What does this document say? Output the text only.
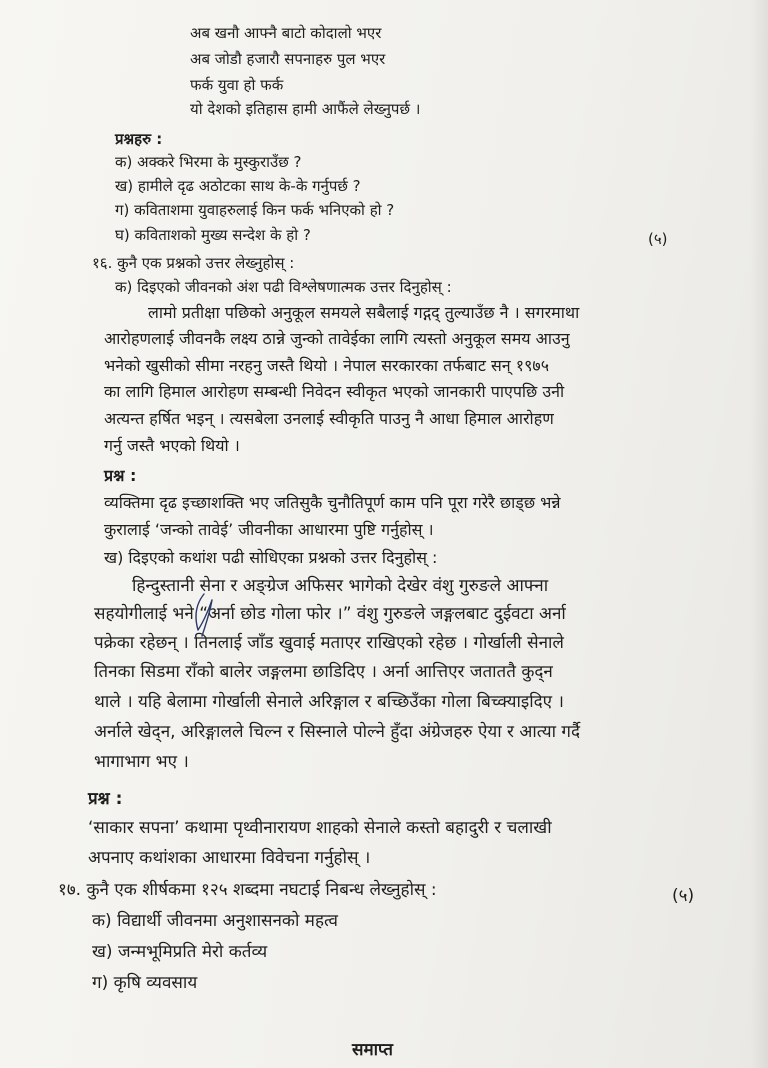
अब खनौ आफ्नै बाटो कोदालो भएर
अब जोडौ हजारौ सपनाहरु पुल भएर
फर्क युवा हो फर्क
यो देशको इतिहास हामी आफैंले लेख्नुपर्छ ।
प्रश्नहरु :
क) अक्करे भिरमा के मुस्कुराउँछ ?
ख) हामीले दृढ अठोटका साथ के-के गर्नुपर्छ ?
ग) कविताशमा युवाहरुलाई किन फर्क भनिएको हो ?
घ) कविताशको मुख्य सन्देश के हो ?	(५)
१६. कुनै एक प्रश्नको उत्तर लेख्नुहोस् :
क) दिइएको जीवनको अंश पढी विश्लेषणात्मक उत्तर दिनुहोस् :
लामो प्रतीक्षा पछिको अनुकूल समयले सबैलाई गद्गद् तुल्याउँछ नै । सगरमाथा
आरोहणलाई जीवनकै लक्ष्य ठान्ने जुन्को तावेईका लागि त्यस्तो अनुकूल समय आउनु
भनेको खुसीको सीमा नरहनु जस्तै थियो । नेपाल सरकारका तर्फबाट सन् १९७५
का लागि हिमाल आरोहण सम्बन्धी निवेदन स्वीकृत भएको जानकारी पाएपछि उनी
अत्यन्त हर्षित भइन् । त्यसबेला उनलाई स्वीकृति पाउनु नै आधा हिमाल आरोहण
गर्नु जस्तै भएको थियो ।
प्रश्न :
व्यक्तिमा दृढ इच्छाशक्ति भए जतिसुकै चुनौतिपूर्ण काम पनि पूरा गरेरै छाड्छ भन्ने
कुरालाई ‘जन्को तावेई’ जीवनीका आधारमा पुष्टि गर्नुहोस् ।
ख) दिइएको कथांश पढी सोधिएका प्रश्नको उत्तर दिनुहोस् :
हिन्दुस्तानी सेना र अङ्ग्रेज अफिसर भागेको देखेर वंशु गुरुङले आफ्ना
सहयोगीलाई भने “अर्ना छोड गोला फोर ।” वंशु गुरुङले जङ्गलबाट दुईवटा अर्ना
पक्रेका रहेछन् । तिनलाई जाँड खुवाई मताएर राखिएको रहेछ । गोर्खाली सेनाले
तिनका सिडमा राँको बालेर जङ्गलमा छाडिदिए । अर्ना आत्तिएर जताततै कुद्न
थाले । यहि बेलामा गोर्खाली सेनाले अरिङ्गाल र बच्छिउँका गोला बिच्क्याइदिए ।
अर्नाले खेद्न, अरिङ्गालले चिल्न र सिस्नाले पोल्ने हुँदा अंग्रेजहरु ऐया र आत्या गर्दै
भागाभाग भए ।
प्रश्न :
‘साकार सपना’ कथामा पृथ्वीनारायण शाहको सेनाले कस्तो बहादुरी र चलाखी
अपनाए कथांशका आधारमा विवेचना गर्नुहोस् ।
१७. कुनै एक शीर्षकमा १२५ शब्दमा नघटाई निबन्ध लेख्नुहोस् :	(५)
क) विद्यार्थी जीवनमा अनुशासनको महत्व
ख) जन्मभूमिप्रति मेरो कर्तव्य
ग) कृषि व्यवसाय
समाप्त
